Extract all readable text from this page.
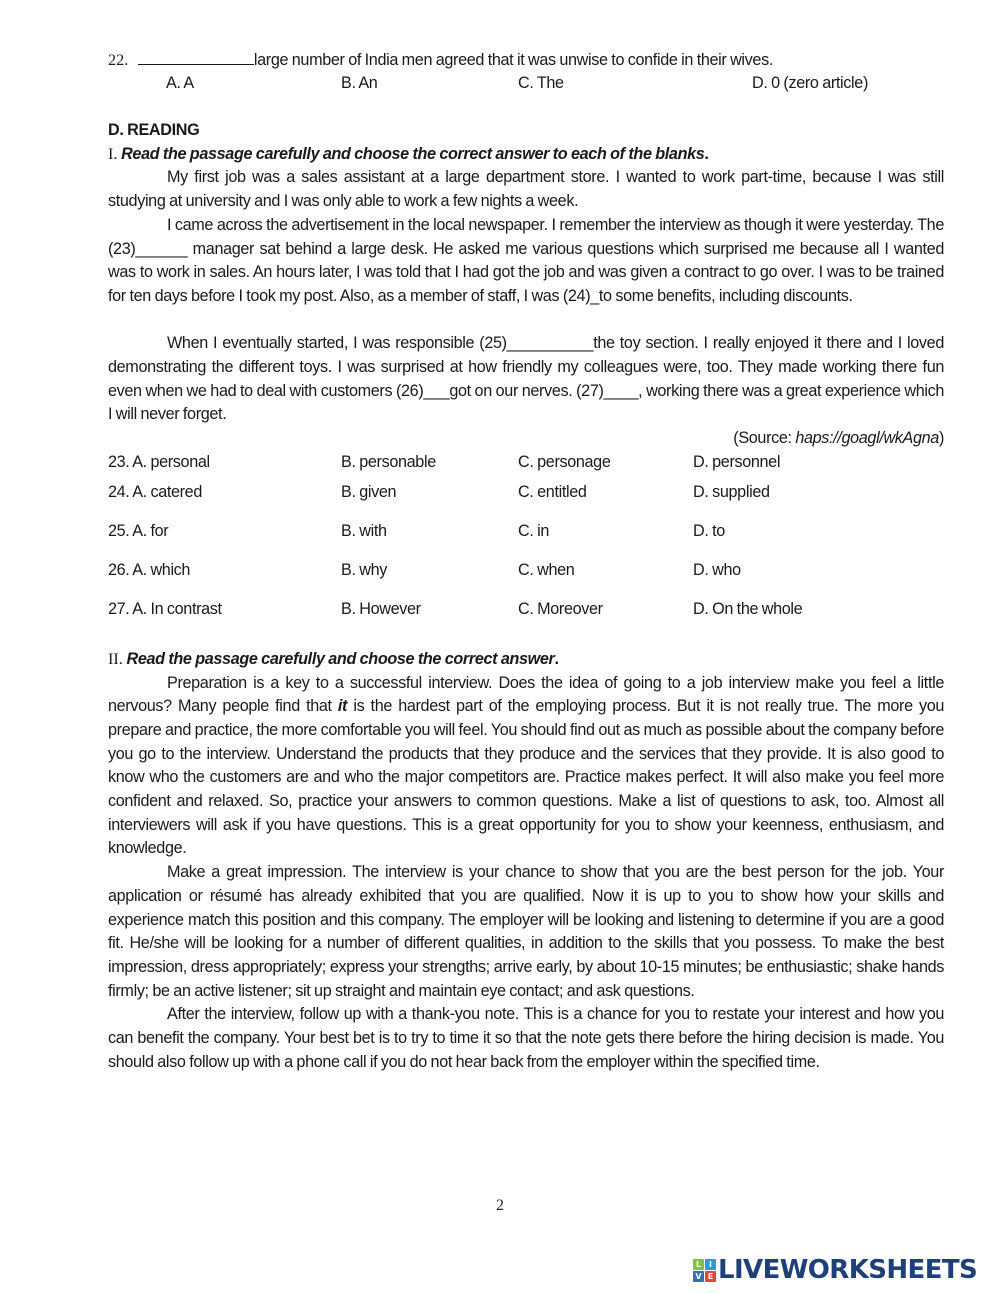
22.	large number of India men agreed that it was unwise to confide in their wives.
A. A	B. An	C. The	D. 0 (zero article)
D. READING
I. Read the passage carefully and choose the correct answer to each of the blanks.

My first job was a sales assistant at a large department store. I wanted to work part-time, because I was still studying at university and I was only able to work a few nights a week.

I came across the advertisement in the local newspaper. I remember the interview as though it were yesterday. The (23)______ manager sat behind a large desk. He asked me various questions which surprised me because all I wanted was to work in sales. An hours later, I was told that I had got the job and was given a contract to go over. I was to be trained for ten days before I took my post. Also, as a member of staff, I was (24)_to some benefits, including discounts.

When I eventually started, I was responsible (25)__________the toy section. I really enjoyed it there and I loved demonstrating the different toys. I was surprised at how friendly my colleagues were, too. They made working there fun even when we had to deal with customers (26)___got on our nerves. (27)____, working there was a great experience which I will never forget.

(Source: haps://goagl/wkAgna)
23. A. personal	B. personable	C. personage	D. personnel
24. A. catered	B. given	C. entitled	D. supplied
25. A. for	B. with	C. in	D. to
26. A. which	B. why	C. when	D. who
27. A. In contrast	B. However	C. Moreover	D. On the whole
II. Read the passage carefully and choose the correct answer.

Preparation is a key to a successful interview. Does the idea of going to a job interview make you feel a little nervous? Many people find that it is the hardest part of the employing process. But it is not really true. The more you prepare and practice, the more comfortable you will feel. You should find out as much as possible about the company before you go to the interview. Understand the products that they produce and the services that they provide. It is also good to know who the customers are and who the major competitors are. Practice makes perfect. It will also make you feel more confident and relaxed. So, practice your answers to common questions. Make a list of questions to ask, too. Almost all interviewers will ask if you have questions. This is a great opportunity for you to show your keenness, enthusiasm, and knowledge.

Make a great impression. The interview is your chance to show that you are the best person for the job. Your application or résumé has already exhibited that you are qualified. Now it is up to you to show how your skills and experience match this position and this company. The employer will be looking and listening to determine if you are a good fit. He/she will be looking for a number of different qualities, in addition to the skills that you possess. To make the best impression, dress appropriately; express your strengths; arrive early, by about 10-15 minutes; be enthusiastic; shake hands firmly; be an active listener; sit up straight and maintain eye contact; and ask questions.

After the interview, follow up with a thank-you note. This is a chance for you to restate your interest and how you can benefit the company. Your best bet is to try to time it so that the note gets there before the hiring decision is made. You should also follow up with a phone call if you do not hear back from the employer within the specified time.

2
L I
V E LIVEWORKSHEETS
